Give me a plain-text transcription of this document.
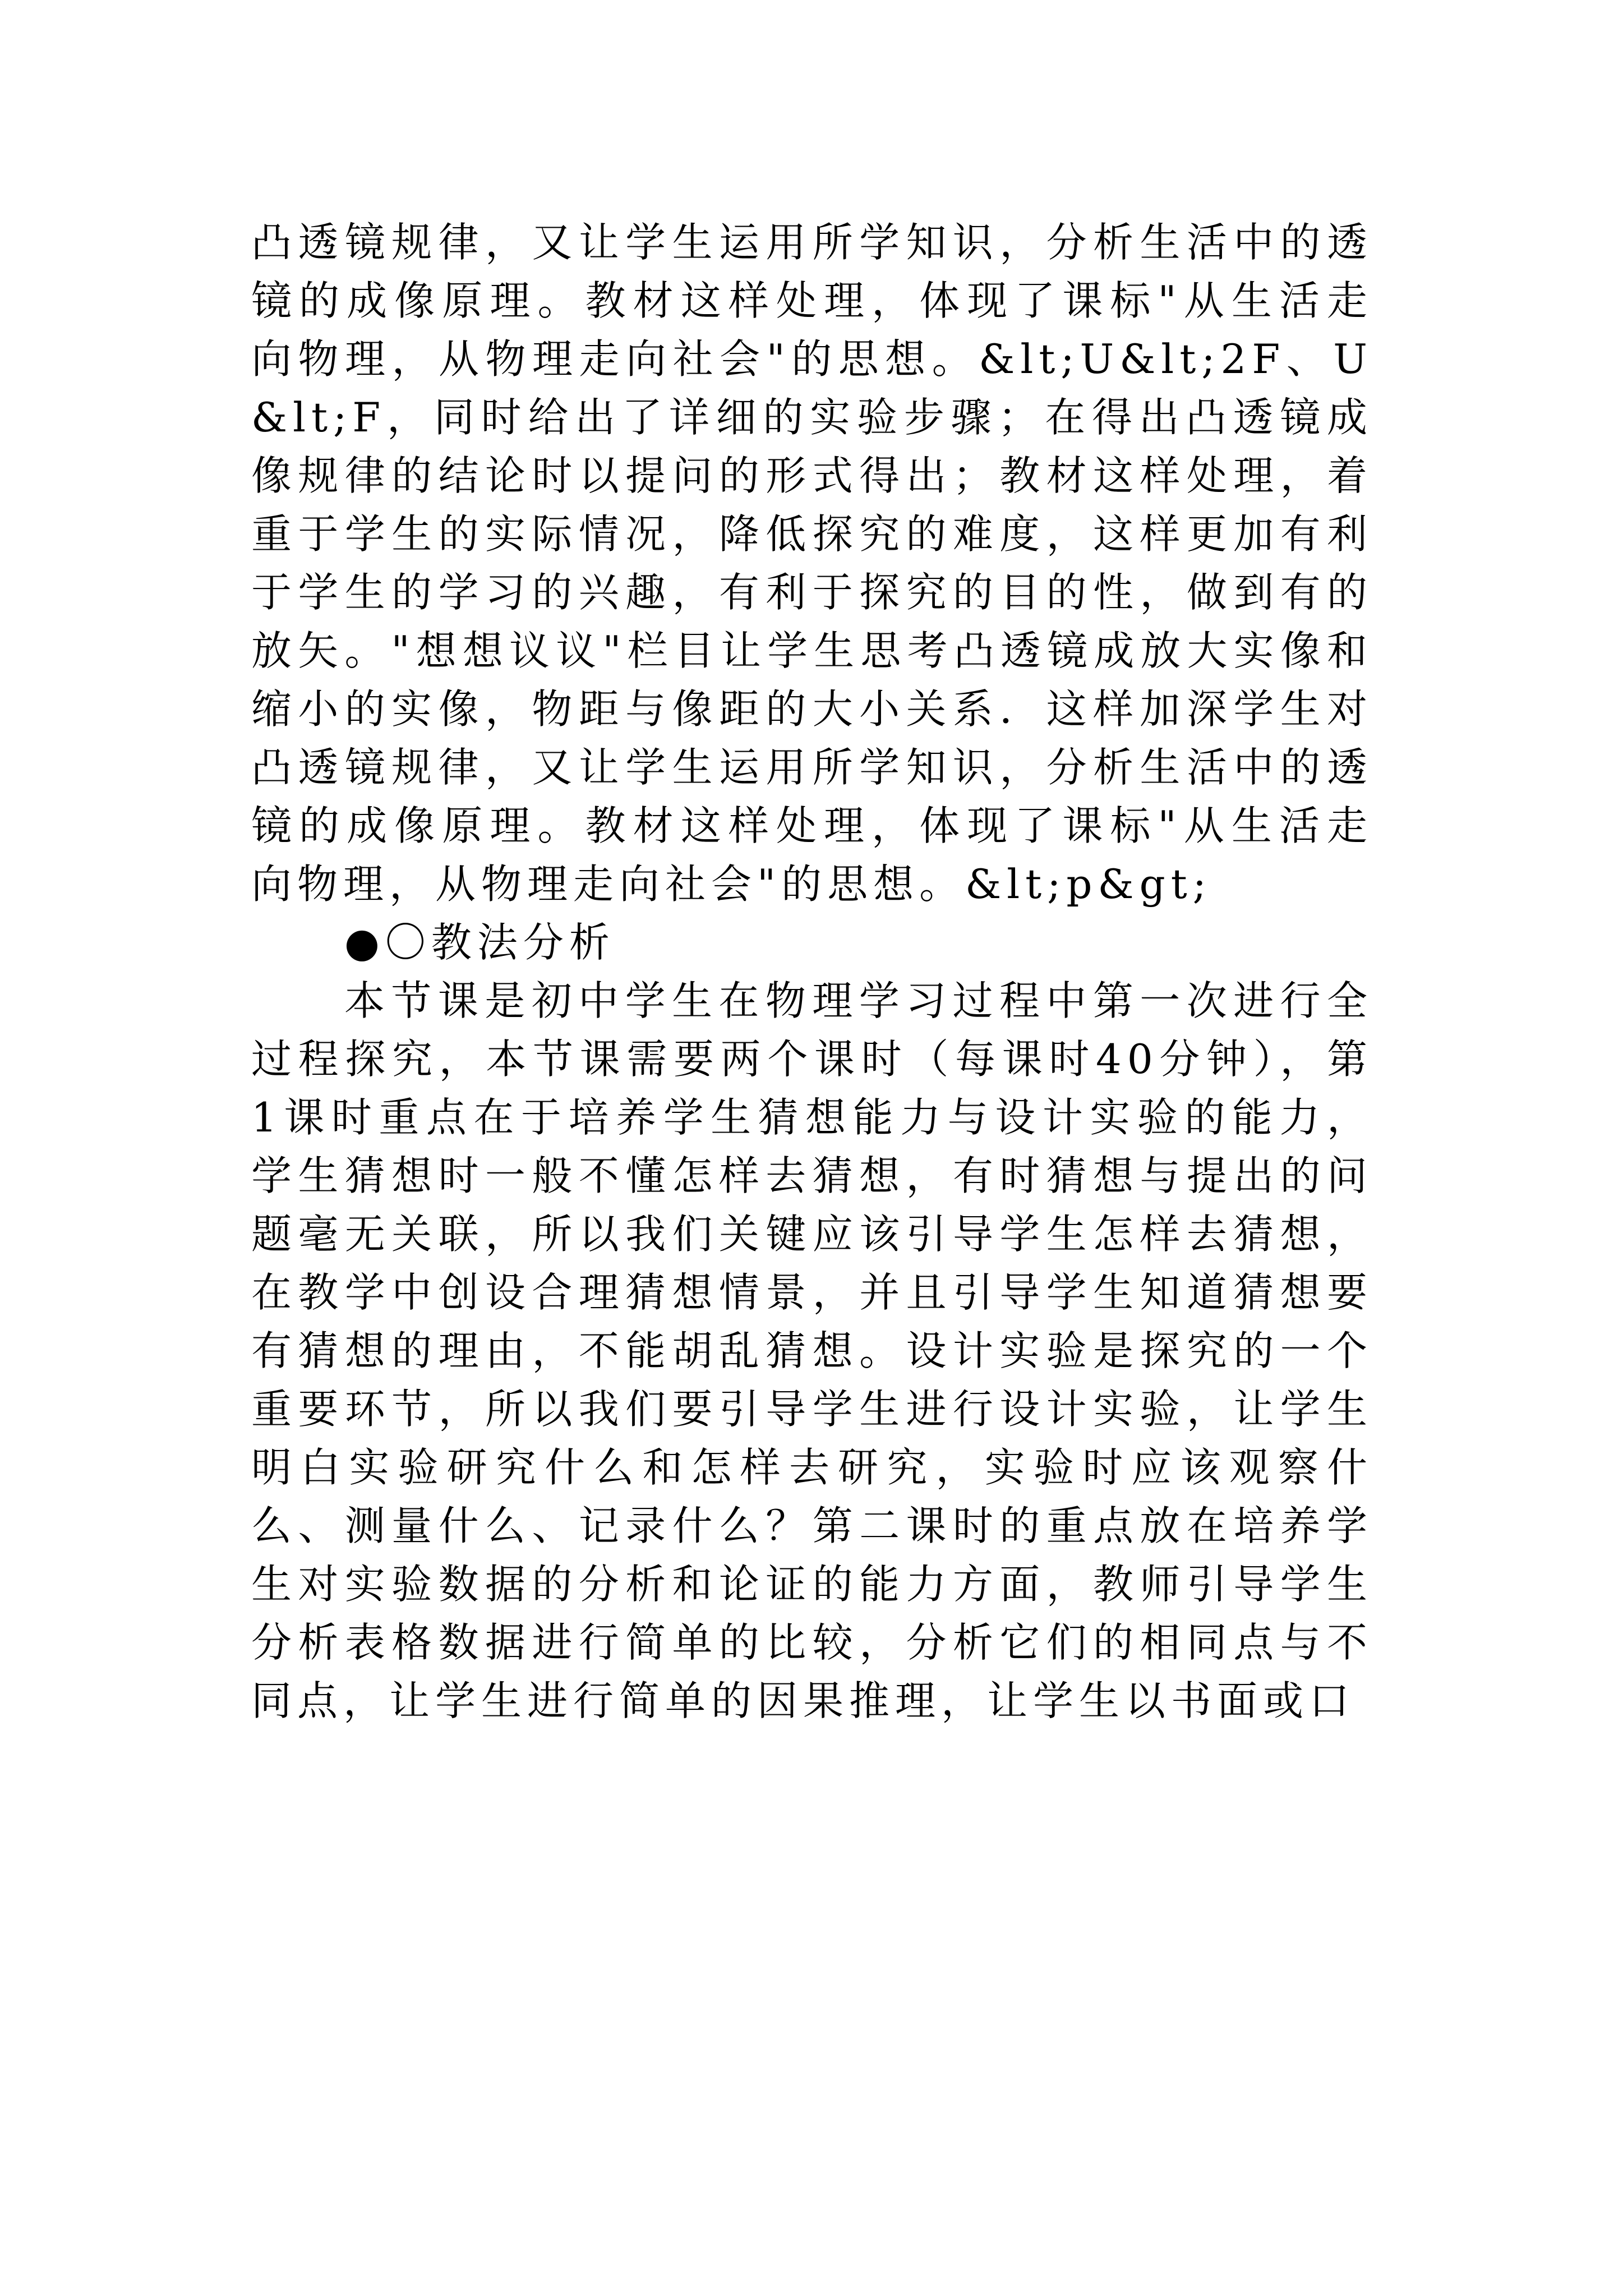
凸透镜规律，又让学生运用所学知识，分析生活中的透镜的成像原理。教材这样处理，体现了课标"从生活走向物理，从物理走向社会"的思想。&lt;U&lt;2F、U&lt;F，同时给出了详细的实验步骤；在得出凸透镜成像规律的结论时以提问的形式得出；教材这样处理，着重于学生的实际情况，降低探究的难度，这样更加有利于学生的学习的兴趣，有利于探究的目的性，做到有的放矢。"想想议议"栏目让学生思考凸透镜成放大实像和缩小的实像，物距与像距的大小关系．这样加深学生对凸透镜规律，又让学生运用所学知识，分析生活中的透镜的成像原理。教材这样处理，体现了课标"从生活走向物理，从物理走向社会"的思想。&lt;p&gt;

●〇教法分析

本节课是初中学生在物理学习过程中第一次进行全过程探究，本节课需要两个课时（每课时40分钟），第1课时重点在于培养学生猜想能力与设计实验的能力，学生猜想时一般不懂怎样去猜想，有时猜想与提出的问题毫无关联，所以我们关键应该引导学生怎样去猜想，在教学中创设合理猜想情景，并且引导学生知道猜想要有猜想的理由，不能胡乱猜想。设计实验是探究的一个重要环节，所以我们要引导学生进行设计实验，让学生明白实验研究什么和怎样去研究，实验时应该观察什么、测量什么、记录什么？第二课时的重点放在培养学生对实验数据的分析和论证的能力方面，教师引导学生分析表格数据进行简单的比较，分析它们的相同点与不同点，让学生进行简单的因果推理，让学生以书面或口
